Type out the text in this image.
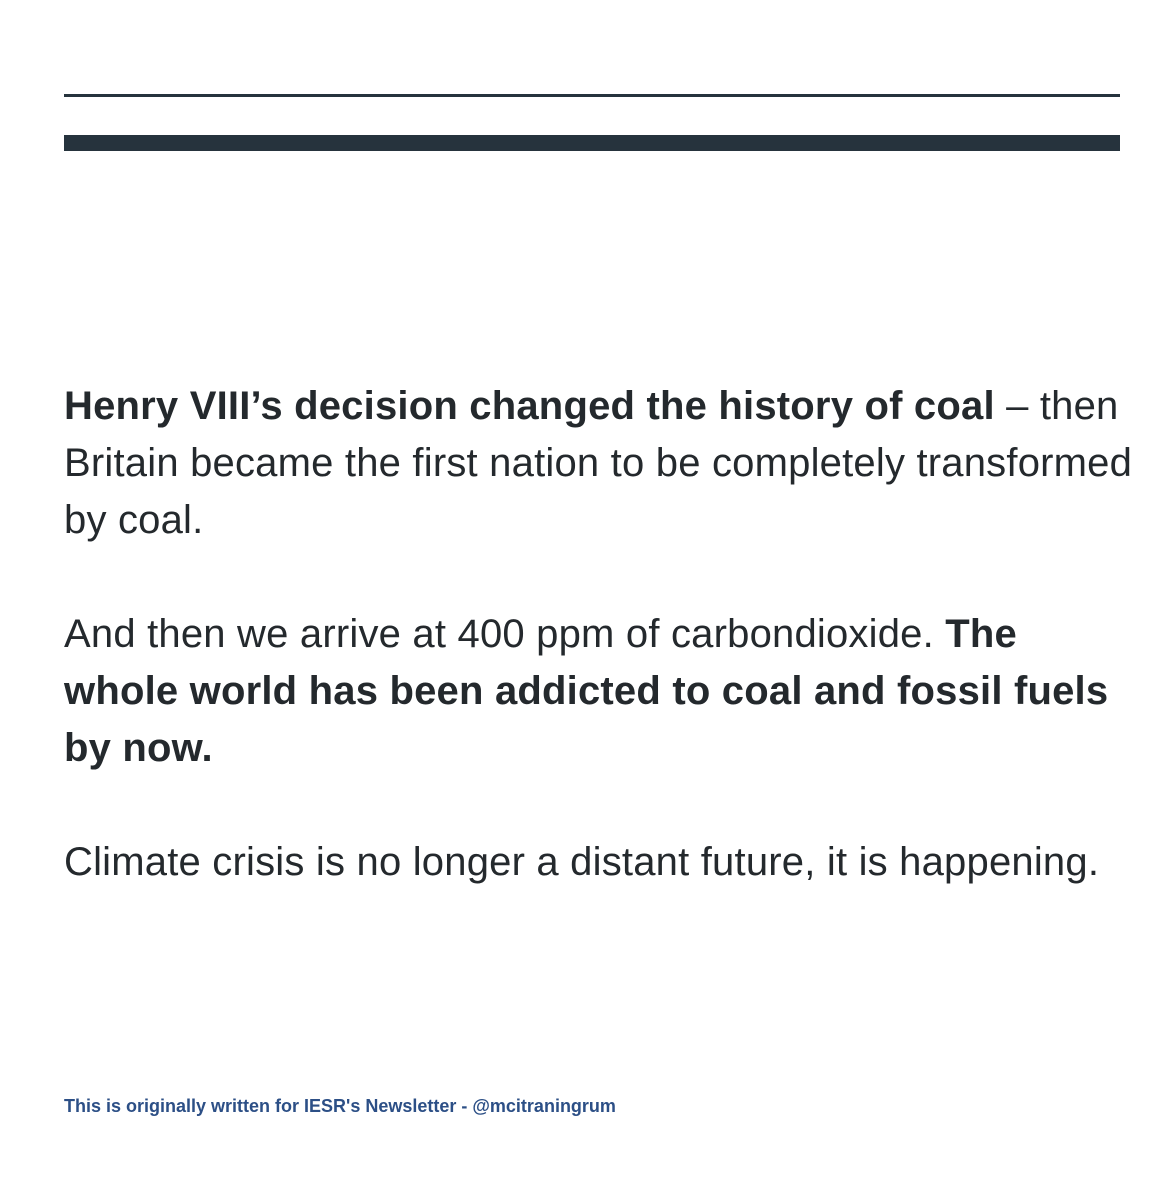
Henry VIII’s decision changed the history of coal – then Britain became the first nation to be completely transformed by coal.

And then we arrive at 400 ppm of carbondioxide. The whole world has been addicted to coal and fossil fuels by now.

Climate crisis is no longer a distant future, it is happening.

This is originally written for IESR's Newsletter - @mcitraningrum
